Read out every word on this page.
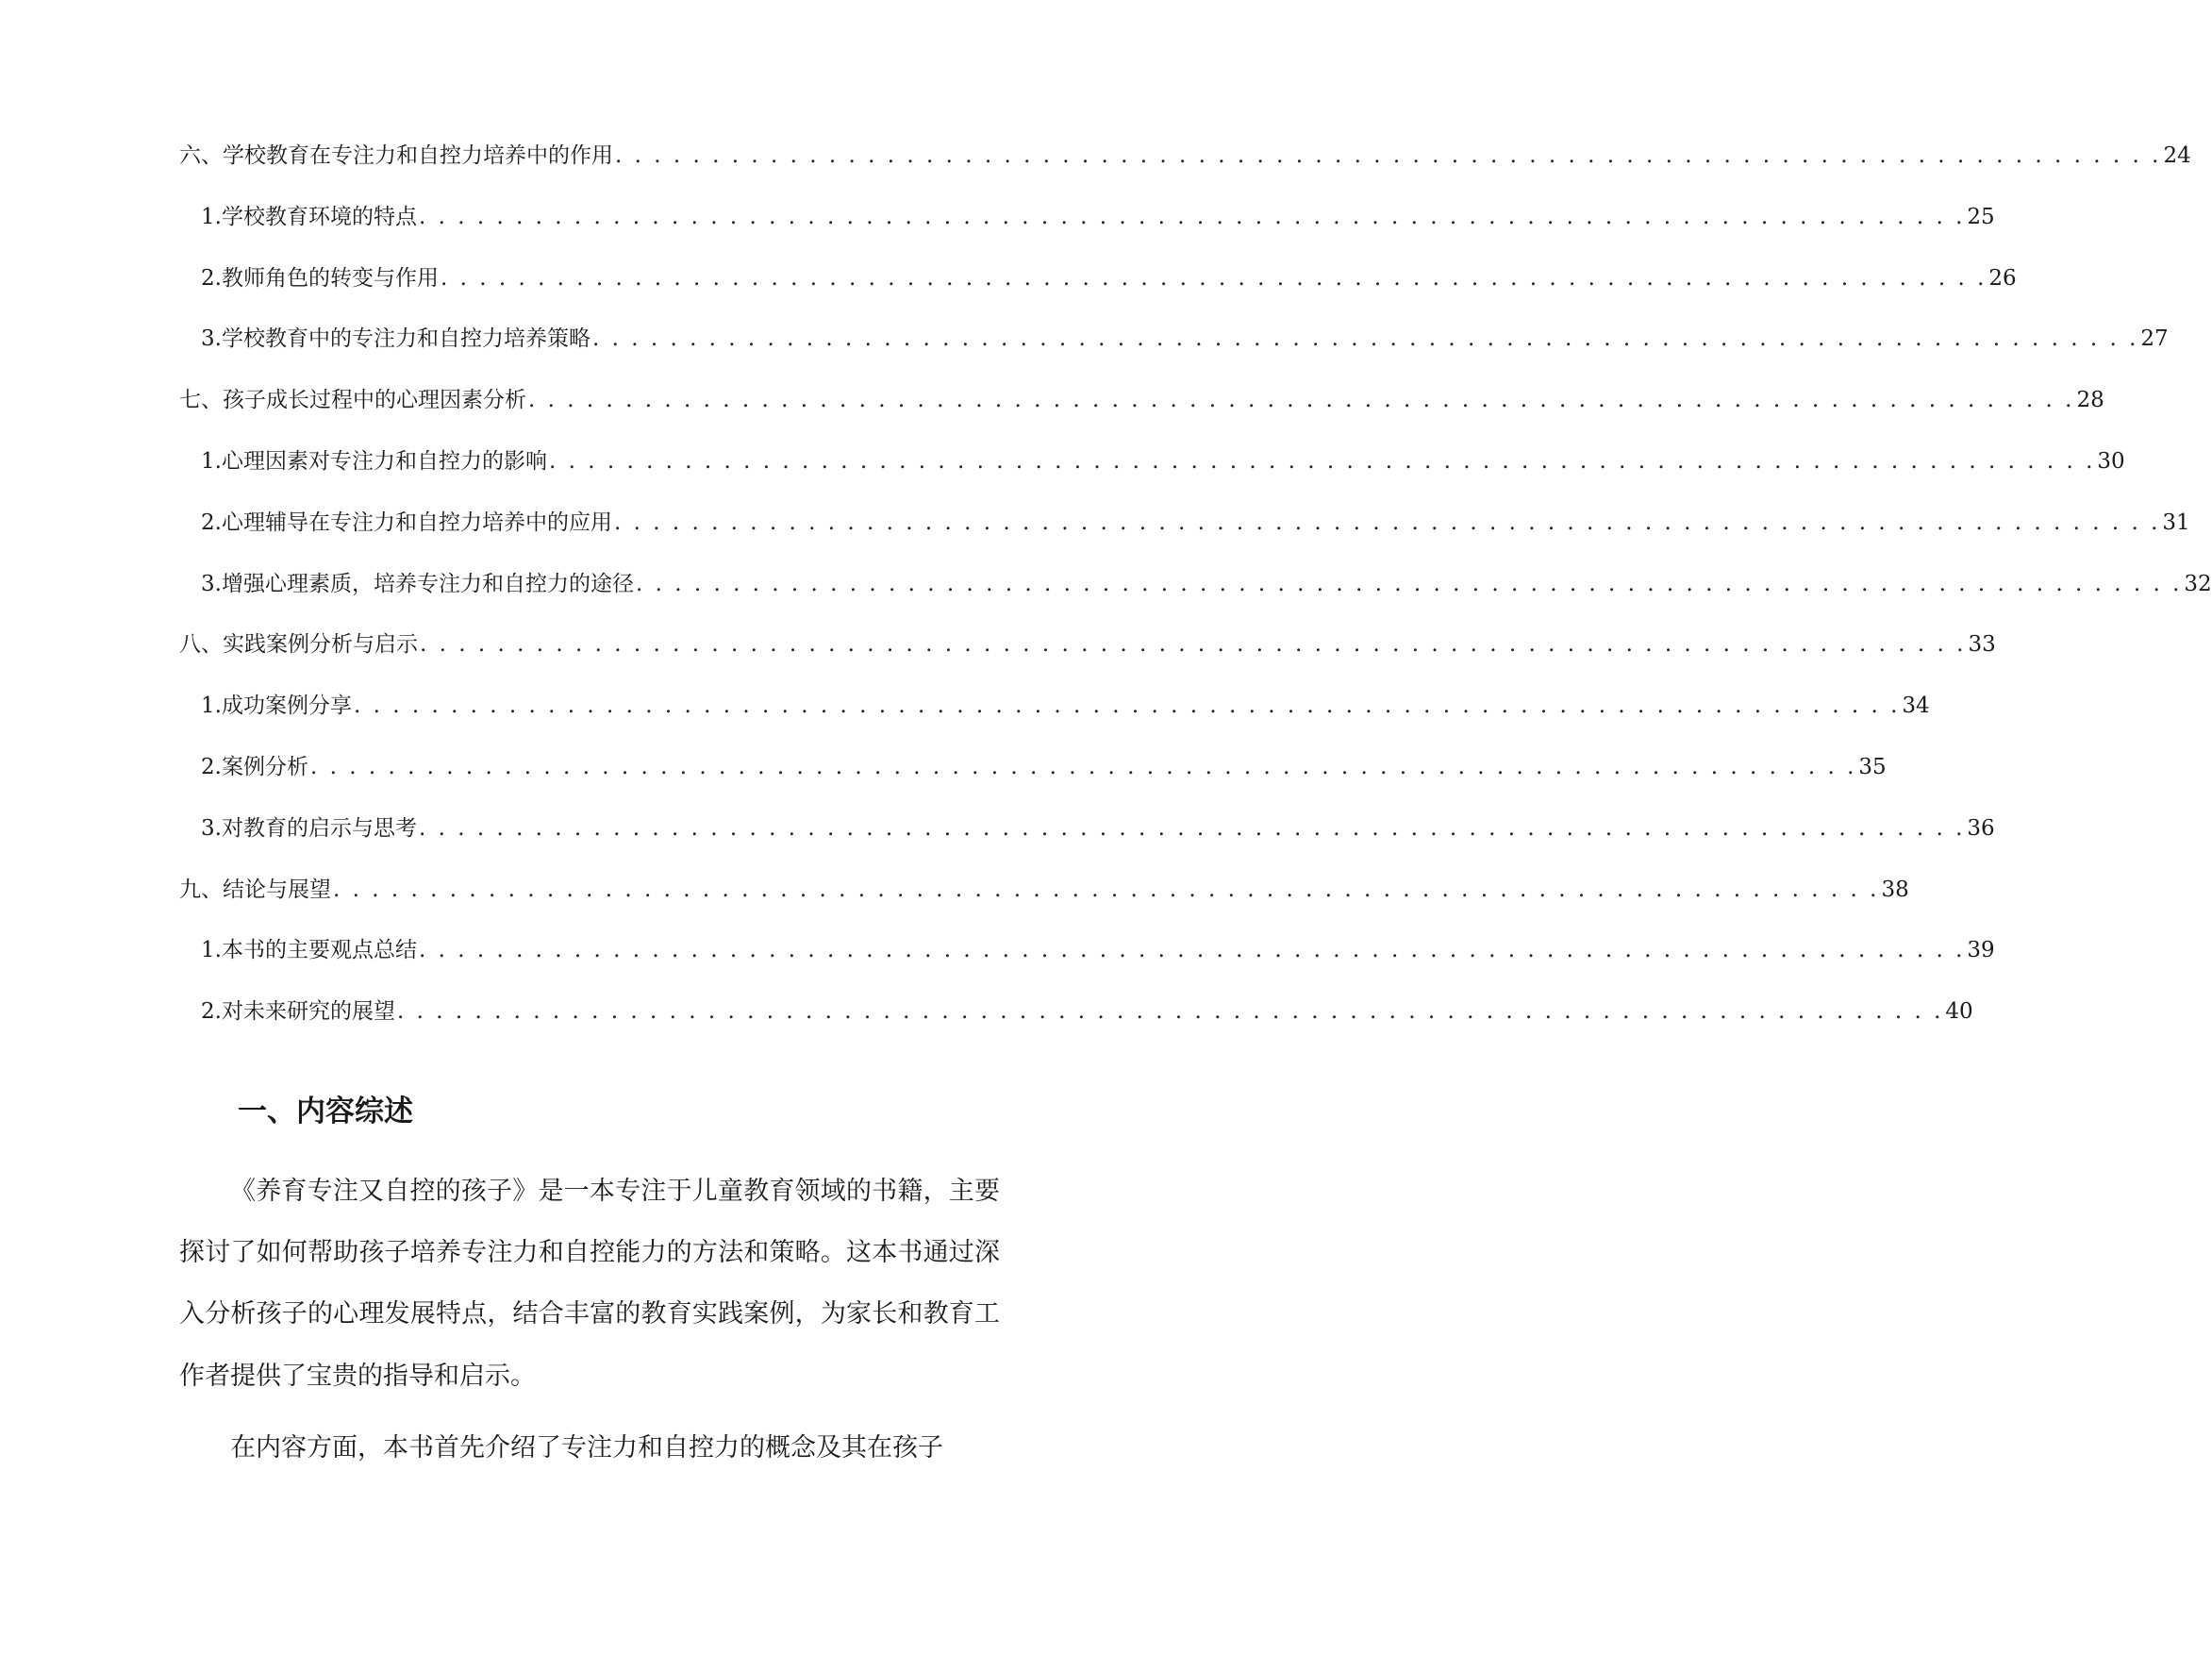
六、学校教育在专注力和自控力培养中的作用 . . . . . . . . . . . . . . . . . . . . . . . . . . . . . . . . . . . . . . . . . . . . . . . . . . . . . . . . . . . . . . . . . . . . . . . . . . . . . . . . 24
1. 学校教育环境的特点 . . . . . . . . . . . . . . . . . . . . . . . . . . . . . . . . . . . . . . . . . . . . . . . . . . . . . . . . . . . . . . . . . . . . . . . . . . . . . . . . 25
2. 教师角色的转变与作用 . . . . . . . . . . . . . . . . . . . . . . . . . . . . . . . . . . . . . . . . . . . . . . . . . . . . . . . . . . . . . . . . . . . . . . . . . . . . . . . . 26
3. 学校教育中的专注力和自控力培养策略 . . . . . . . . . . . . . . . . . . . . . . . . . . . . . . . . . . . . . . . . . . . . . . . . . . . . . . . . . . . . . . . . . . . . . . . . . . . . . . . . 27
七、孩子成长过程中的心理因素分析 . . . . . . . . . . . . . . . . . . . . . . . . . . . . . . . . . . . . . . . . . . . . . . . . . . . . . . . . . . . . . . . . . . . . . . . . . . . . . . . . 28
1. 心理因素对专注力和自控力的影响 . . . . . . . . . . . . . . . . . . . . . . . . . . . . . . . . . . . . . . . . . . . . . . . . . . . . . . . . . . . . . . . . . . . . . . . . . . . . . . . . 30
2. 心理辅导在专注力和自控力培养中的应用 . . . . . . . . . . . . . . . . . . . . . . . . . . . . . . . . . . . . . . . . . . . . . . . . . . . . . . . . . . . . . . . . . . . . . . . . . . . . . . . . 31
3. 增强心理素质，培养专注力和自控力的途径 . . . . . . . . . . . . . . . . . . . . . . . . . . . . . . . . . . . . . . . . . . . . . . . . . . . . . . . . . . . . . . . . . . . . . . . . . . . . . . . . 32
八、实践案例分析与启示 . . . . . . . . . . . . . . . . . . . . . . . . . . . . . . . . . . . . . . . . . . . . . . . . . . . . . . . . . . . . . . . . . . . . . . . . . . . . . . . . 33
1. 成功案例分享 . . . . . . . . . . . . . . . . . . . . . . . . . . . . . . . . . . . . . . . . . . . . . . . . . . . . . . . . . . . . . . . . . . . . . . . . . . . . . . . . 34
2. 案例分析 . . . . . . . . . . . . . . . . . . . . . . . . . . . . . . . . . . . . . . . . . . . . . . . . . . . . . . . . . . . . . . . . . . . . . . . . . . . . . . . . 35
3. 对教育的启示与思考 . . . . . . . . . . . . . . . . . . . . . . . . . . . . . . . . . . . . . . . . . . . . . . . . . . . . . . . . . . . . . . . . . . . . . . . . . . . . . . . . 36
九、结论与展望 . . . . . . . . . . . . . . . . . . . . . . . . . . . . . . . . . . . . . . . . . . . . . . . . . . . . . . . . . . . . . . . . . . . . . . . . . . . . . . . . 38
1. 本书的主要观点总结 . . . . . . . . . . . . . . . . . . . . . . . . . . . . . . . . . . . . . . . . . . . . . . . . . . . . . . . . . . . . . . . . . . . . . . . . . . . . . . . . 39
2. 对未来研究的展望 . . . . . . . . . . . . . . . . . . . . . . . . . . . . . . . . . . . . . . . . . . . . . . . . . . . . . . . . . . . . . . . . . . . . . . . . . . . . . . . . 40
一、内容综述

《养育专注又自控的孩子》是一本专注于儿童教育领域的书籍，主要探讨了如何帮助孩子培养专注力和自控能力的方法和策略。这本书通过深入分析孩子的心理发展特点，结合丰富的教育实践案例，为家长和教育工作者提供了宝贵的指导和启示。

在内容方面，本书首先介绍了专注力和自控力的概念及其在孩子
